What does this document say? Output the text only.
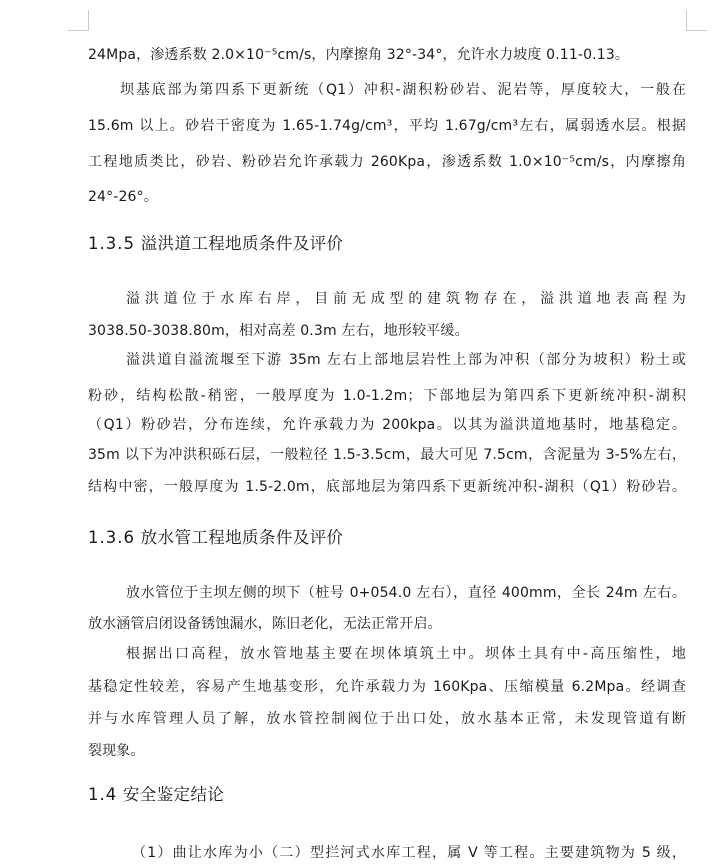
24Mpa，渗透系数 2.0×10⁻⁵cm/s，内摩擦角 32°-34°，允许水力坡度 0.11-0.13。
坝基底部为第四系下更新统（Q1）冲积-湖积粉砂岩、泥岩等，厚度较大，一般在
15.6m 以上。砂岩干密度为 1.65-1.74g/cm³，平均 1.67g/cm³左右，属弱透水层。根据
工程地质类比，砂岩、粉砂岩允许承载力 260Kpa，渗透系数 1.0×10⁻⁵cm/s，内摩擦角
24°-26°。
1.3.5 溢洪道工程地质条件及评价
溢洪道位于水库右岸，目前无成型的建筑物存在，溢洪道地表高程为
3038.50-3038.80m，相对高差 0.3m 左右，地形较平缓。
溢洪道自溢流堰至下游 35m 左右上部地层岩性上部为冲积（部分为坡积）粉土或
粉砂，结构松散-稍密，一般厚度为 1.0-1.2m；下部地层为第四系下更新统冲积-湖积
（Q1）粉砂岩，分布连续，允许承载力为 200kpa。以其为溢洪道地基时，地基稳定。
35m 以下为冲洪积砾石层，一般粒径 1.5-3.5cm，最大可见 7.5cm，含泥量为 3-5%左右，
结构中密，一般厚度为 1.5-2.0m，底部地层为第四系下更新统冲积-湖积（Q1）粉砂岩。
1.3.6 放水管工程地质条件及评价
放水管位于主坝左侧的坝下（桩号 0+054.0 左右），直径 400mm，全长 24m 左右。
放水涵管启闭设备锈蚀漏水，陈旧老化，无法正常开启。
根据出口高程，放水管地基主要在坝体填筑土中。坝体土具有中-高压缩性，地
基稳定性较差，容易产生地基变形，允许承载力为 160Kpa、压缩模量 6.2Mpa。经调查
并与水库管理人员了解，放水管控制阀位于出口处，放水基本正常，未发现管道有断
裂现象。
1.4 安全鉴定结论
（1）曲让水库为小（二）型拦河式水库工程，属 V 等工程。主要建筑物为 5 级，
